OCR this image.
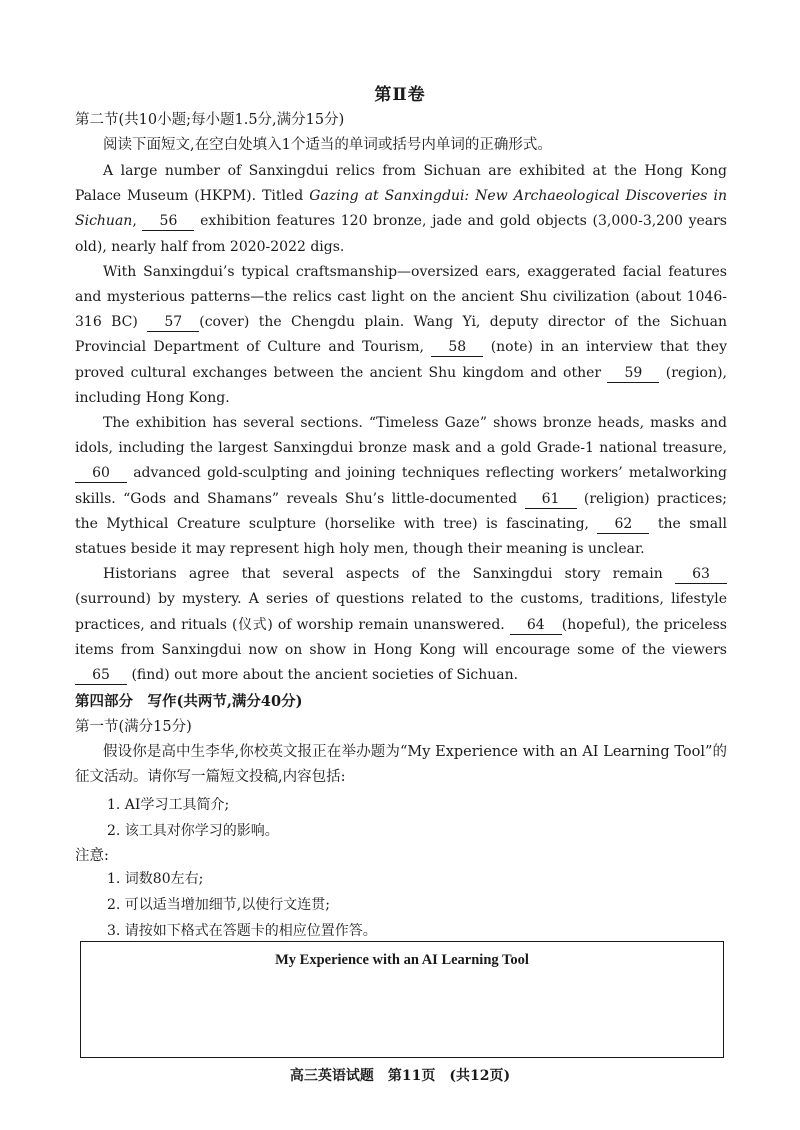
第Ⅱ卷
第二节(共10小题;每小题1.5分,满分15分)
阅读下面短文,在空白处填入1个适当的单词或括号内单词的正确形式。

A large number of Sanxingdui relics from Sichuan are exhibited at the Hong Kong Palace Museum (HKPM). Titled Gazing at Sanxingdui: New Archaeological Discoveries in Sichuan, 56 exhibition features 120 bronze, jade and gold objects (3,000-3,200 years old), nearly half from 2020-2022 digs.

With Sanxingdui’s typical craftsmanship—oversized ears, exaggerated facial features and mysterious patterns—the relics cast light on the ancient Shu civilization (about 1046-316 BC) 57 (cover) the Chengdu plain. Wang Yi, deputy director of the Sichuan Provincial Department of Culture and Tourism, 58 (note) in an interview that they proved cultural exchanges between the ancient Shu kingdom and other 59 (region), including Hong Kong.

The exhibition has several sections. “Timeless Gaze” shows bronze heads, masks and idols, including the largest Sanxingdui bronze mask and a gold Grade-1 national treasure, 60 advanced gold-sculpting and joining techniques reflecting workers’ metalworking skills. “Gods and Shamans” reveals Shu’s little-documented 61 (religion) practices; the Mythical Creature sculpture (horselike with tree) is fascinating, 62 the small statues beside it may represent high holy men, though their meaning is unclear.

Historians agree that several aspects of the Sanxingdui story remain 63 (surround) by mystery. A series of questions related to the customs, traditions, lifestyle practices, and rituals (仪式) of worship remain unanswered. 64 (hopeful), the priceless items from Sanxingdui now on show in Hong Kong will encourage some of the viewers 65 (find) out more about the ancient societies of Sichuan.

第四部分　写作(共两节,满分40分)
第一节(满分15分)
假设你是高中生李华,你校英文报正在举办题为“My Experience with an AI Learning Tool”的征文活动。请你写一篇短文投稿,内容包括:
1. AI学习工具简介;
2. 该工具对你学习的影响。
注意:
1. 词数80左右;
2. 可以适当增加细节,以使行文连贯;
3. 请按如下格式在答题卡的相应位置作答。
My Experience with an AI Learning Tool
高三英语试题　第11页　(共12页)
